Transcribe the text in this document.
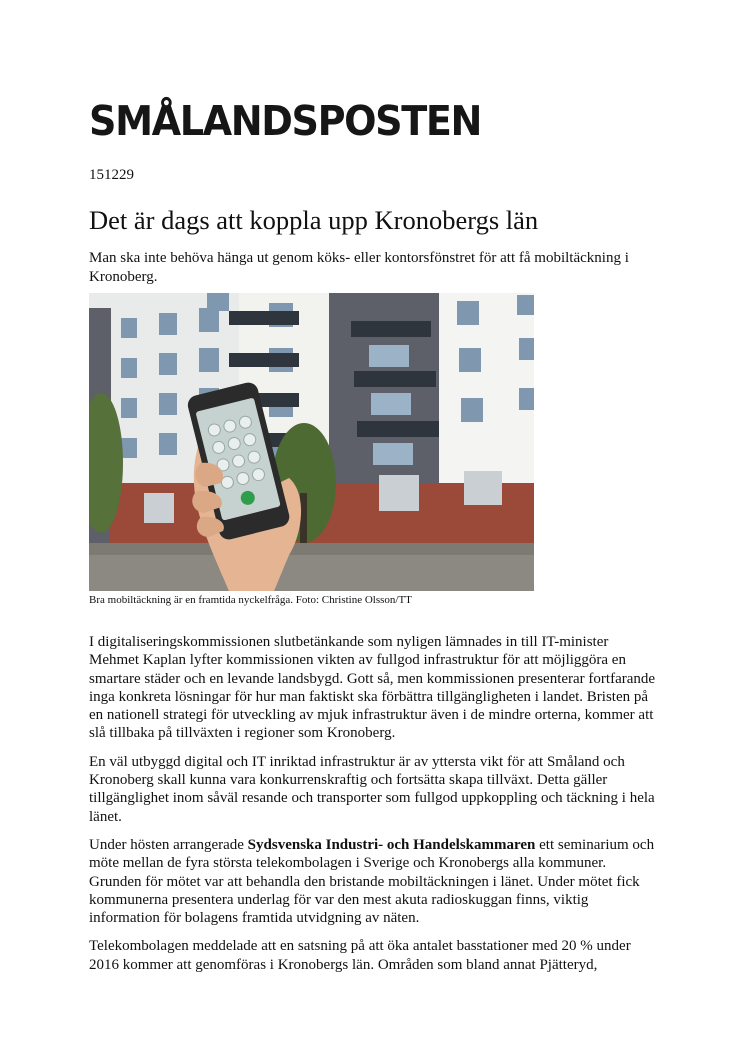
SMÅLANDSPOSTEN
151229
Det är dags att koppla upp Kronobergs län

Man ska inte behöva hänga ut genom köks- eller kontorsfönstret för att få mobiltäckning i Kronoberg.

Bra mobiltäckning är en framtida nyckelfråga. Foto: Christine Olsson/TT

I digitaliseringskommissionen slutbetänkande som nyligen lämnades in till IT-minister Mehmet Kaplan lyfter kommissionen vikten av fullgod infrastruktur för att möjliggöra en smartare städer och en levande landsbygd. Gott så, men kommissionen presenterar fortfarande inga konkreta lösningar för hur man faktiskt ska förbättra tillgängligheten i landet. Bristen på en nationell strategi för utveckling av mjuk infrastruktur även i de mindre orterna, kommer att slå tillbaka på tillväxten i regioner som Kronoberg.

En väl utbyggd digital och IT inriktad infrastruktur är av yttersta vikt för att Småland och Kronoberg skall kunna vara konkurrenskraftig och fortsätta skapa tillväxt. Detta gäller tillgänglighet inom såväl resande och transporter som fullgod uppkoppling och täckning i hela länet.

Under hösten arrangerade Sydsvenska Industri- och Handelskammaren ett seminarium och möte mellan de fyra största telekombolagen i Sverige och Kronobergs alla kommuner. Grunden för mötet var att behandla den bristande mobiltäckningen i länet. Under mötet fick kommunerna presentera underlag för var den mest akuta radioskuggan finns, viktig information för bolagens framtida utvidgning av näten.

Telekombolagen meddelade att en satsning på att öka antalet basstationer med 20 % under 2016 kommer att genomföras i Kronobergs län. Områden som bland annat Pjätteryd,
